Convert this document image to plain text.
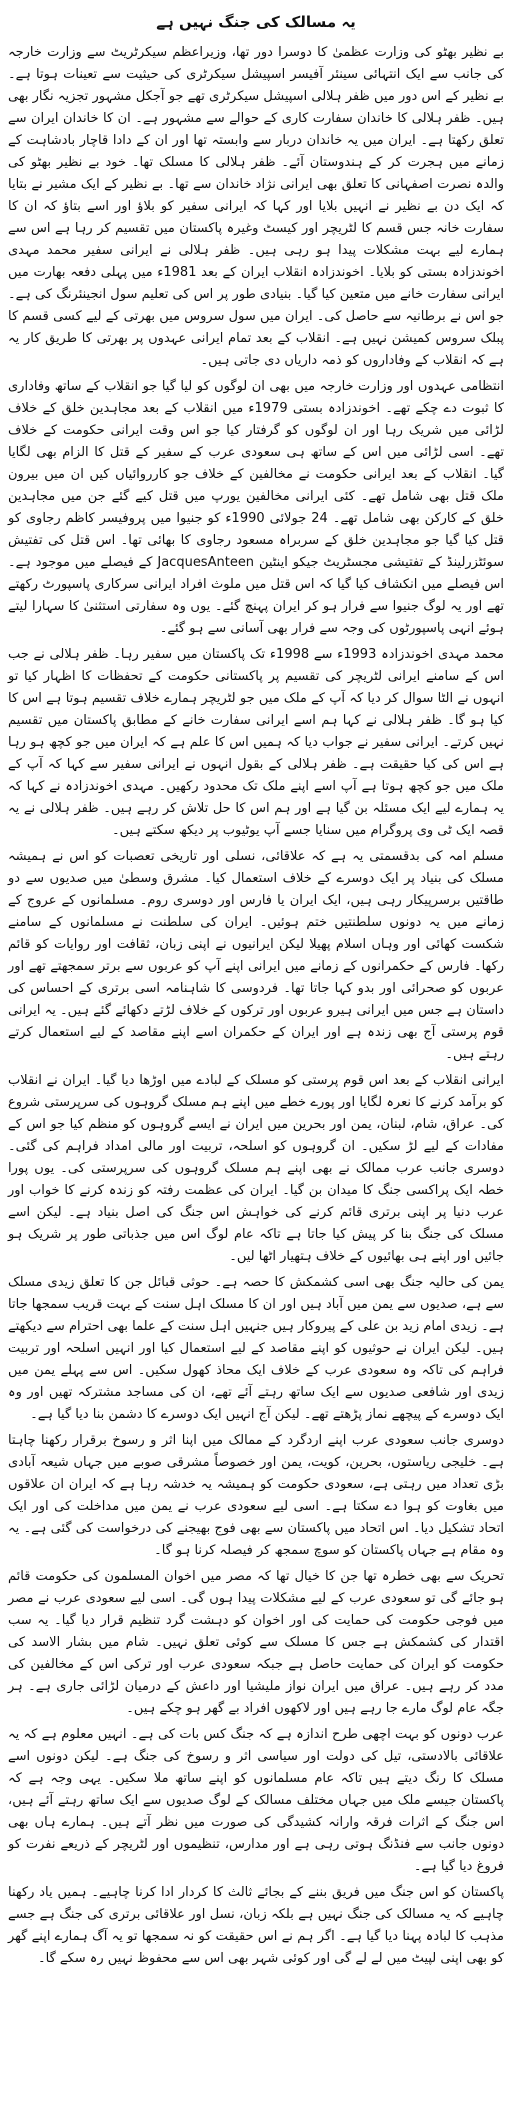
یہ مسالک کی جنگ نہیں ہے

بے نظیر بھٹو کی وزارت عظمیٰ کا دوسرا دور تھا، وزیراعظم سیکرٹریٹ سے وزارت خارجہ کی جانب سے ایک انتہائی سینئر آفیسر اسپیشل سیکرٹری کی حیثیت سے تعینات ہوتا ہے۔ بے نظیر کے اس دور میں ظفر ہلالی اسپیشل سیکرٹری تھے جو آجکل مشہور تجزیہ نگار بھی ہیں۔ ظفر ہلالی کا خاندان سفارت کاری کے حوالے سے مشہور ہے۔ ان کا خاندان ایران سے تعلق رکھتا ہے۔ ایران میں یہ خاندان دربار سے وابستہ تھا اور ان کے دادا قاچار بادشاہت کے زمانے میں ہجرت کر کے ہندوستان آئے۔ ظفر ہلالی کا مسلک تھا۔ خود بے نظیر بھٹو کی والدہ نصرت اصفہانی کا تعلق بھی ایرانی نژاد خاندان سے تھا۔ بے نظیر کے ایک مشیر نے بتایا کہ ایک دن بے نظیر نے انہیں بلایا اور کہا کہ ایرانی سفیر کو بلاؤ اور اسے بتاؤ کہ ان کا سفارت خانہ جس قسم کا لٹریچر اور کیسٹ وغیرہ پاکستان میں تقسیم کر رہا ہے اس سے ہمارے لیے بہت مشکلات پیدا ہو رہی ہیں۔ ظفر ہلالی نے ایرانی سفیر محمد مہدی اخوندزادہ بستی کو بلایا۔ اخوندزادہ انقلاب ایران کے بعد 1981ء میں پہلی دفعہ بھارت میں ایرانی سفارت خانے میں متعین کیا گیا۔ بنیادی طور پر اس کی تعلیم سول انجینئرنگ کی ہے۔ جو اس نے برطانیہ سے حاصل کی۔ ایران میں سول سروس میں بھرتی کے لیے کسی قسم کا پبلک سروس کمیشن نہیں ہے۔ انقلاب کے بعد تمام ایرانی عہدوں پر بھرتی کا طریق کار یہ ہے کہ انقلاب کے وفاداروں کو ذمہ داریاں دی جاتی ہیں۔

انتظامی عہدوں اور وزارت خارجہ میں بھی ان لوگوں کو لیا گیا جو انقلاب کے ساتھ وفاداری کا ثبوت دے چکے تھے۔ اخوندزادہ بستی 1979ء میں انقلاب کے بعد مجاہدین خلق کے خلاف لڑائی میں شریک رہا اور ان لوگوں کو گرفتار کیا جو اس وقت ایرانی حکومت کے خلاف تھے۔ اسی لڑائی میں اس کے ساتھ ہی سعودی عرب کے سفیر کے قتل کا الزام بھی لگایا گیا۔ انقلاب کے بعد ایرانی حکومت نے مخالفین کے خلاف جو کارروائیاں کیں ان میں بیرون ملک قتل بھی شامل تھے۔ کئی ایرانی مخالفین یورپ میں قتل کیے گئے جن میں مجاہدین خلق کے کارکن بھی شامل تھے۔ 24 جولائی 1990ء کو جنیوا میں پروفیسر کاظم رجاوی کو قتل کیا گیا جو مجاہدین خلق کے سربراہ مسعود رجاوی کا بھائی تھا۔ اس قتل کی تفتیش سوئٹزرلینڈ کے تفتیشی مجسٹریٹ جیکو اینٹین JacquesAnteen کے فیصلے میں موجود ہے۔ اس فیصلے میں انکشاف کیا گیا کہ اس قتل میں ملوث افراد ایرانی سرکاری پاسپورٹ رکھتے تھے اور یہ لوگ جنیوا سے فرار ہو کر ایران پہنچ گئے۔ یوں وہ سفارتی استثنیٰ کا سہارا لیتے ہوئے انہی پاسپورٹوں کی وجہ سے فرار بھی آسانی سے ہو گئے۔

محمد مہدی اخوندزادہ 1993ء سے 1998ء تک پاکستان میں سفیر رہا۔ ظفر ہلالی نے جب اس کے سامنے ایرانی لٹریچر کی تقسیم پر پاکستانی حکومت کے تحفظات کا اظہار کیا تو انہوں نے الٹا سوال کر دیا کہ آپ کے ملک میں جو لٹریچر ہمارے خلاف تقسیم ہوتا ہے اس کا کیا ہو گا۔ ظفر ہلالی نے کہا ہم اسے ایرانی سفارت خانے کے مطابق پاکستان میں تقسیم نہیں کرتے۔ ایرانی سفیر نے جواب دیا کہ ہمیں اس کا علم ہے کہ ایران میں جو کچھ ہو رہا ہے اس کی کیا حقیقت ہے۔ ظفر ہلالی کے بقول انہوں نے ایرانی سفیر سے کہا کہ آپ کے ملک میں جو کچھ ہوتا ہے آپ اسے اپنے ملک تک محدود رکھیں۔ مہدی اخوندزادہ نے کہا کہ یہ ہمارے لیے ایک مسئلہ بن گیا ہے اور ہم اس کا حل تلاش کر رہے ہیں۔ ظفر ہلالی نے یہ قصہ ایک ٹی وی پروگرام میں سنایا جسے آپ یوٹیوب پر دیکھ سکتے ہیں۔

مسلم امہ کی بدقسمتی یہ ہے کہ علاقائی، نسلی اور تاریخی تعصبات کو اس نے ہمیشہ مسلک کی بنیاد پر ایک دوسرے کے خلاف استعمال کیا۔ مشرق وسطیٰ میں صدیوں سے دو طاقتیں برسرپیکار رہی ہیں، ایک ایران یا فارس اور دوسری روم۔ مسلمانوں کے عروج کے زمانے میں یہ دونوں سلطنتیں ختم ہوئیں۔ ایران کی سلطنت نے مسلمانوں کے سامنے شکست کھائی اور وہاں اسلام پھیلا لیکن ایرانیوں نے اپنی زبان، ثقافت اور روایات کو قائم رکھا۔ فارس کے حکمرانوں کے زمانے میں ایرانی اپنے آپ کو عربوں سے برتر سمجھتے تھے اور عربوں کو صحرائی اور بدو کہا جاتا تھا۔ فردوسی کا شاہنامہ اسی برتری کے احساس کی داستان ہے جس میں ایرانی ہیرو عربوں اور ترکوں کے خلاف لڑتے دکھائے گئے ہیں۔ یہ ایرانی قوم پرستی آج بھی زندہ ہے اور ایران کے حکمران اسے اپنے مقاصد کے لیے استعمال کرتے رہتے ہیں۔

ایرانی انقلاب کے بعد اس قوم پرستی کو مسلک کے لبادے میں اوڑھا دیا گیا۔ ایران نے انقلاب کو برآمد کرنے کا نعرہ لگایا اور پورے خطے میں اپنے ہم مسلک گروہوں کی سرپرستی شروع کی۔ عراق، شام، لبنان، یمن اور بحرین میں ایران نے ایسے گروہوں کو منظم کیا جو اس کے مفادات کے لیے لڑ سکیں۔ ان گروہوں کو اسلحہ، تربیت اور مالی امداد فراہم کی گئی۔ دوسری جانب عرب ممالک نے بھی اپنے ہم مسلک گروہوں کی سرپرستی کی۔ یوں پورا خطہ ایک پراکسی جنگ کا میدان بن گیا۔ ایران کی عظمت رفتہ کو زندہ کرنے کا خواب اور عرب دنیا پر اپنی برتری قائم کرنے کی خواہش اس جنگ کی اصل بنیاد ہے۔ لیکن اسے مسلک کی جنگ بنا کر پیش کیا جاتا ہے تاکہ عام لوگ اس میں جذباتی طور پر شریک ہو جائیں اور اپنے ہی بھائیوں کے خلاف ہتھیار اٹھا لیں۔

یمن کی حالیہ جنگ بھی اسی کشمکش کا حصہ ہے۔ حوثی قبائل جن کا تعلق زیدی مسلک سے ہے، صدیوں سے یمن میں آباد ہیں اور ان کا مسلک اہل سنت کے بہت قریب سمجھا جاتا ہے۔ زیدی امام زید بن علی کے پیروکار ہیں جنہیں اہل سنت کے علما بھی احترام سے دیکھتے ہیں۔ لیکن ایران نے حوثیوں کو اپنے مقاصد کے لیے استعمال کیا اور انہیں اسلحہ اور تربیت فراہم کی تاکہ وہ سعودی عرب کے خلاف ایک محاذ کھول سکیں۔ اس سے پہلے یمن میں زیدی اور شافعی صدیوں سے ایک ساتھ رہتے آئے تھے، ان کی مساجد مشترکہ تھیں اور وہ ایک دوسرے کے پیچھے نماز پڑھتے تھے۔ لیکن آج انہیں ایک دوسرے کا دشمن بنا دیا گیا ہے۔

دوسری جانب سعودی عرب اپنے اردگرد کے ممالک میں اپنا اثر و رسوخ برقرار رکھنا چاہتا ہے۔ خلیجی ریاستوں، بحرین، کویت، یمن اور خصوصاً مشرقی صوبے میں جہاں شیعہ آبادی بڑی تعداد میں رہتی ہے، سعودی حکومت کو ہمیشہ یہ خدشہ رہا ہے کہ ایران ان علاقوں میں بغاوت کو ہوا دے سکتا ہے۔ اسی لیے سعودی عرب نے یمن میں مداخلت کی اور ایک اتحاد تشکیل دیا۔ اس اتحاد میں پاکستان سے بھی فوج بھیجنے کی درخواست کی گئی ہے۔ یہ وہ مقام ہے جہاں پاکستان کو سوچ سمجھ کر فیصلہ کرنا ہو گا۔

تحریک سے بھی خطرہ تھا جن کا خیال تھا کہ مصر میں اخوان المسلمون کی حکومت قائم ہو جائے گی تو سعودی عرب کے لیے مشکلات پیدا ہوں گی۔ اسی لیے سعودی عرب نے مصر میں فوجی حکومت کی حمایت کی اور اخوان کو دہشت گرد تنظیم قرار دیا گیا۔ یہ سب اقتدار کی کشمکش ہے جس کا مسلک سے کوئی تعلق نہیں۔ شام میں بشار الاسد کی حکومت کو ایران کی حمایت حاصل ہے جبکہ سعودی عرب اور ترکی اس کے مخالفین کی مدد کر رہے ہیں۔ عراق میں ایران نواز ملیشیا اور داعش کے درمیان لڑائی جاری ہے۔ ہر جگہ عام لوگ مارے جا رہے ہیں اور لاکھوں افراد بے گھر ہو چکے ہیں۔

عرب دونوں کو بہت اچھی طرح اندازہ ہے کہ جنگ کس بات کی ہے۔ انہیں معلوم ہے کہ یہ علاقائی بالادستی، تیل کی دولت اور سیاسی اثر و رسوخ کی جنگ ہے۔ لیکن دونوں اسے مسلک کا رنگ دیتے ہیں تاکہ عام مسلمانوں کو اپنے ساتھ ملا سکیں۔ یہی وجہ ہے کہ پاکستان جیسے ملک میں جہاں مختلف مسالک کے لوگ صدیوں سے ایک ساتھ رہتے آئے ہیں، اس جنگ کے اثرات فرقہ وارانہ کشیدگی کی صورت میں نظر آتے ہیں۔ ہمارے ہاں بھی دونوں جانب سے فنڈنگ ہوتی رہی ہے اور مدارس، تنظیموں اور لٹریچر کے ذریعے نفرت کو فروغ دیا گیا ہے۔

پاکستان کو اس جنگ میں فریق بننے کے بجائے ثالث کا کردار ادا کرنا چاہیے۔ ہمیں یاد رکھنا چاہیے کہ یہ مسالک کی جنگ نہیں ہے بلکہ زبان، نسل اور علاقائی برتری کی جنگ ہے جسے مذہب کا لبادہ پہنا دیا گیا ہے۔ اگر ہم نے اس حقیقت کو نہ سمجھا تو یہ آگ ہمارے اپنے گھر کو بھی اپنی لپیٹ میں لے لے گی اور کوئی شہر بھی اس سے محفوظ نہیں رہ سکے گا۔
